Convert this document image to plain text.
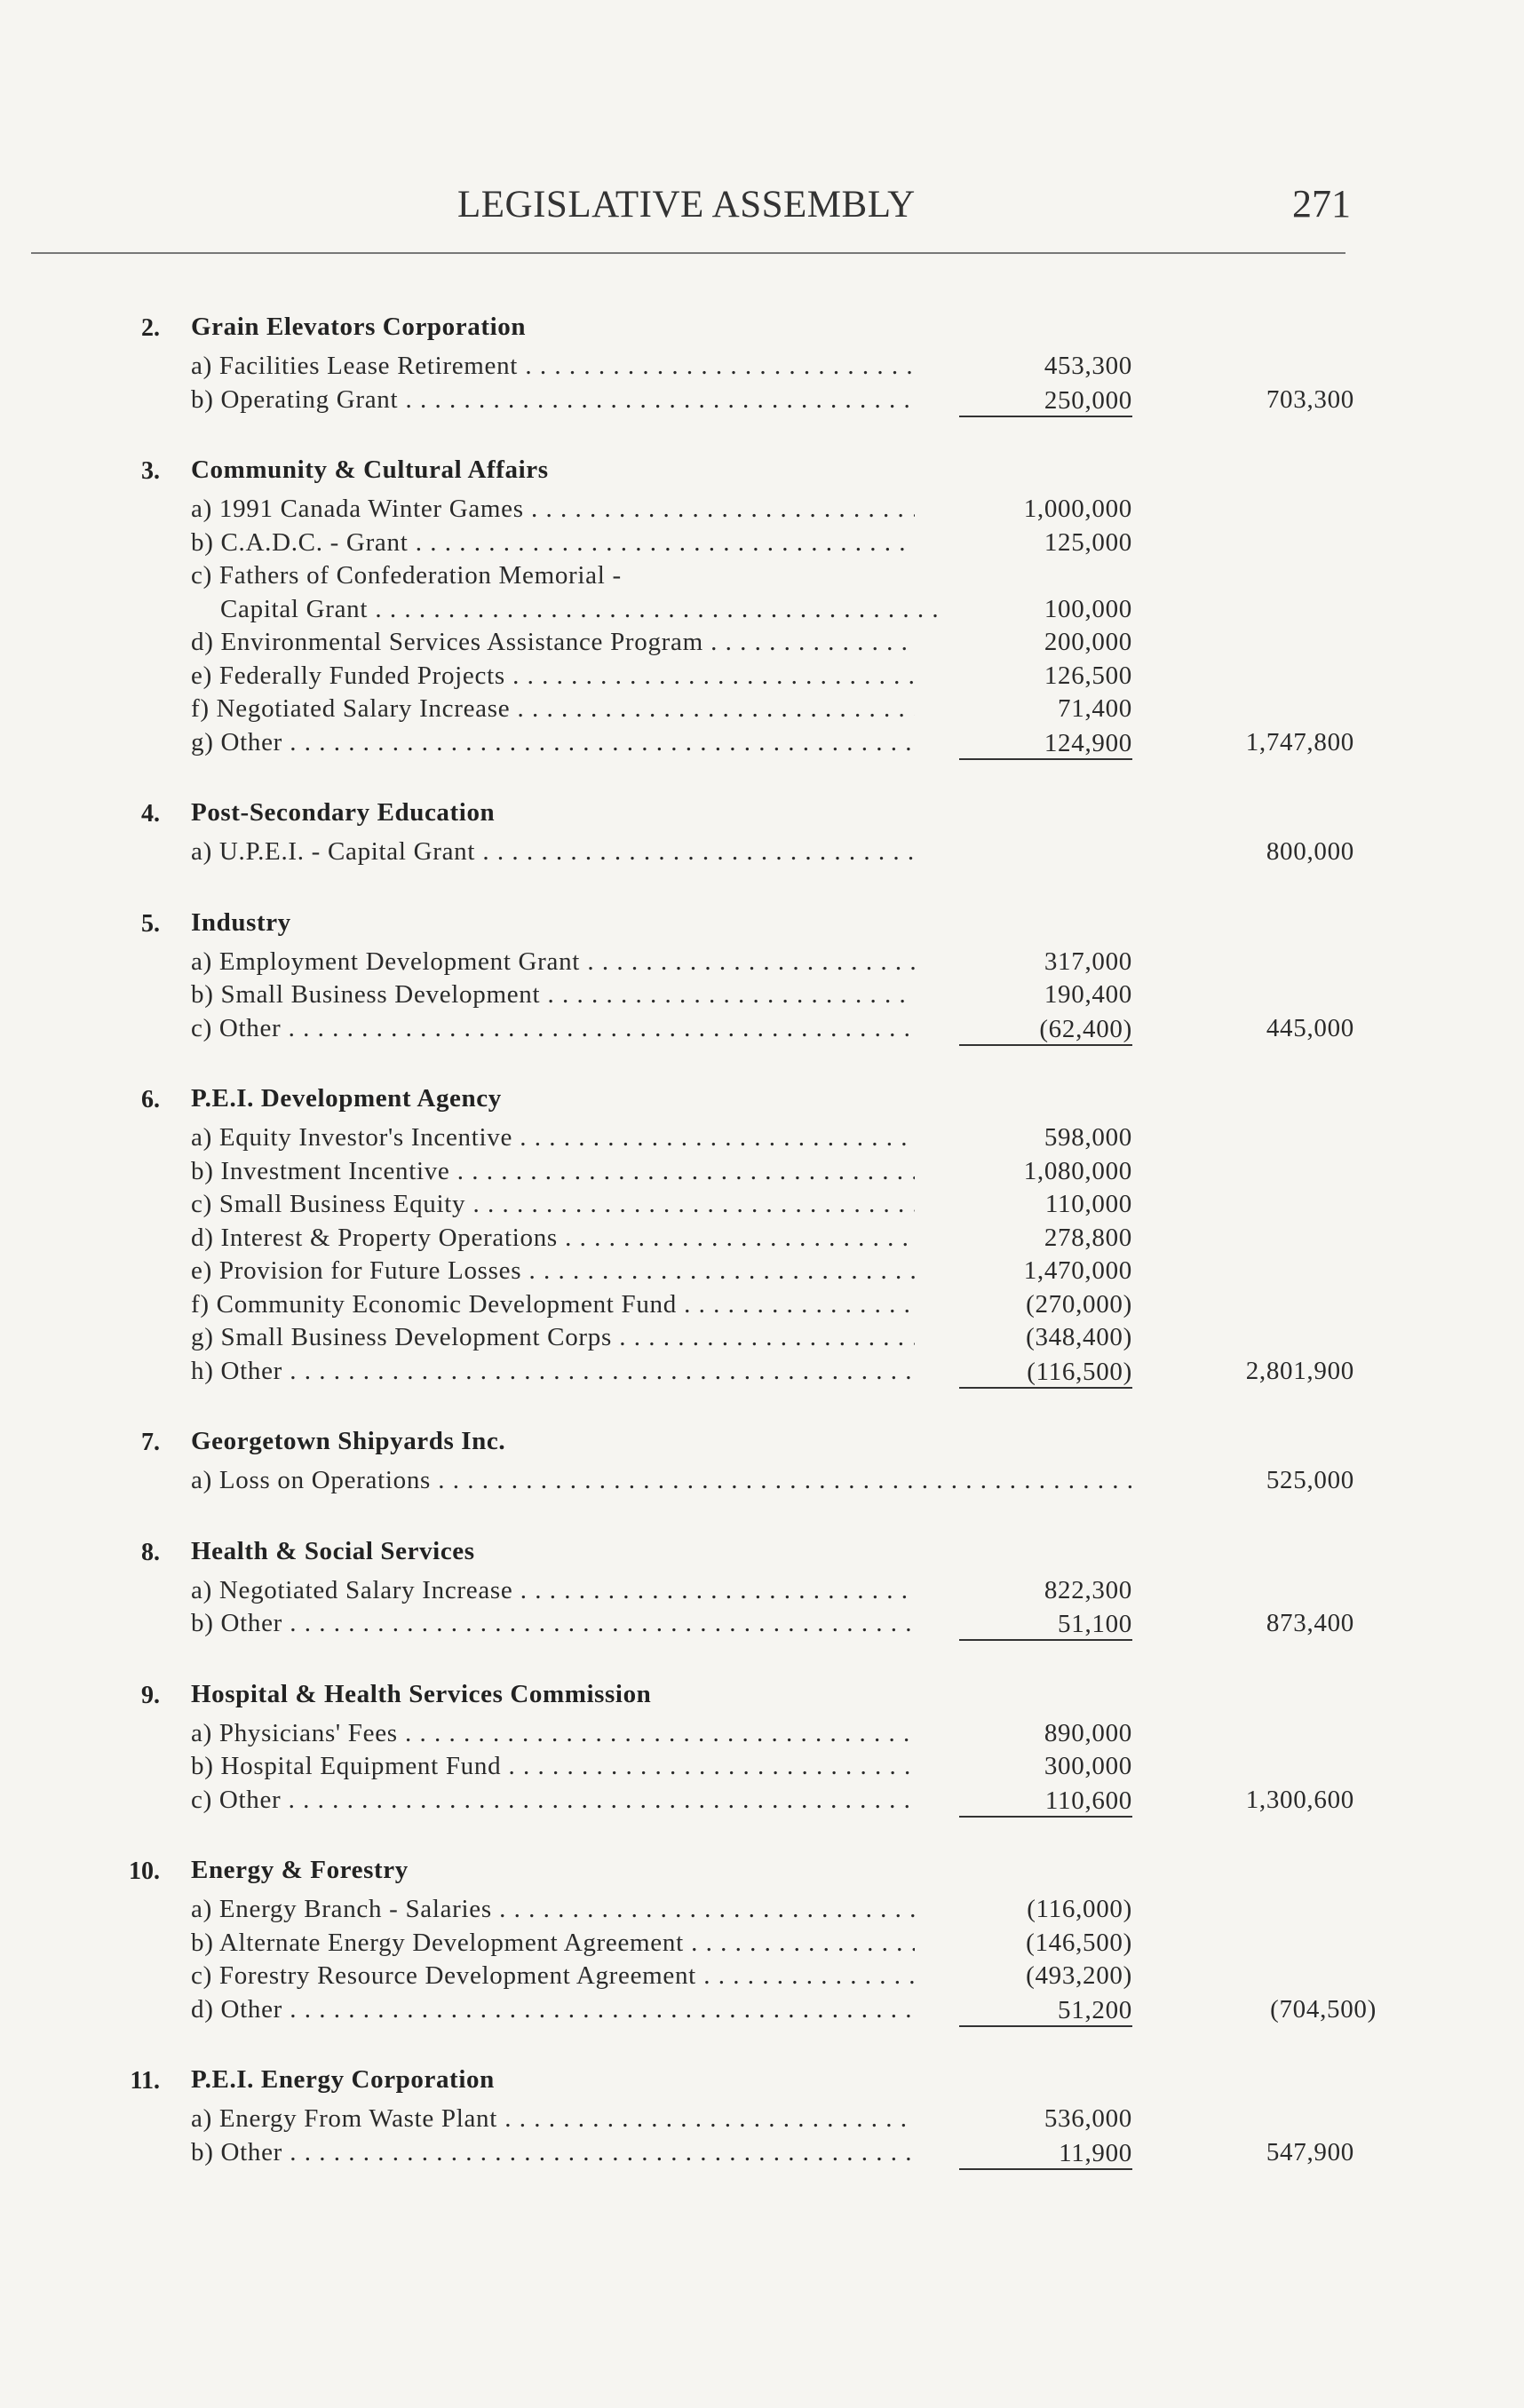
LEGISLATIVE ASSEMBLY	271
2. Grain Elevators Corporation
a) Facilities Lease Retirement . . .	453,300
b) Operating Grant . . .	250,000	703,300
3. Community & Cultural Affairs
a) 1991 Canada Winter Games . . .	1,000,000
b) C.A.D.C. - Grant . . .	125,000
c) Fathers of Confederation Memorial -
Capital Grant . . .	100,000
d) Environmental Services Assistance Program . . .	200,000
e) Federally Funded Projects . . .	126,500
f) Negotiated Salary Increase . . .	71,400
g) Other . . .	124,900	1,747,800
4. Post-Secondary Education
a) U.P.E.I. - Capital Grant . . .	800,000
5. Industry
a) Employment Development Grant . . .	317,000
b) Small Business Development . . .	190,400
c) Other . . .	(62,400)	445,000
6. P.E.I. Development Agency
a) Equity Investor's Incentive . . .	598,000
b) Investment Incentive . . .	1,080,000
c) Small Business Equity . . .	110,000
d) Interest & Property Operations . . .	278,800
e) Provision for Future Losses . . .	1,470,000
f) Community Economic Development Fund . . .	(270,000)
g) Small Business Development Corps . . .	(348,400)
h) Other . . .	(116,500)	2,801,900
7. Georgetown Shipyards Inc.
a) Loss on Operations . . .	525,000
8. Health & Social Services
a) Negotiated Salary Increase . . .	822,300
b) Other . . .	51,100	873,400
9. Hospital & Health Services Commission
a) Physicians' Fees . . .	890,000
b) Hospital Equipment Fund . . .	300,000
c) Other . . .	110,600	1,300,600
10. Energy & Forestry
a) Energy Branch - Salaries . . .	(116,000)
b) Alternate Energy Development Agreement . . .	(146,500)
c) Forestry Resource Development Agreement . . .	(493,200)
d) Other . . .	51,200	(704,500)
11. P.E.I. Energy Corporation
a) Energy From Waste Plant . . .	536,000
b) Other . . .	11,900	547,900
